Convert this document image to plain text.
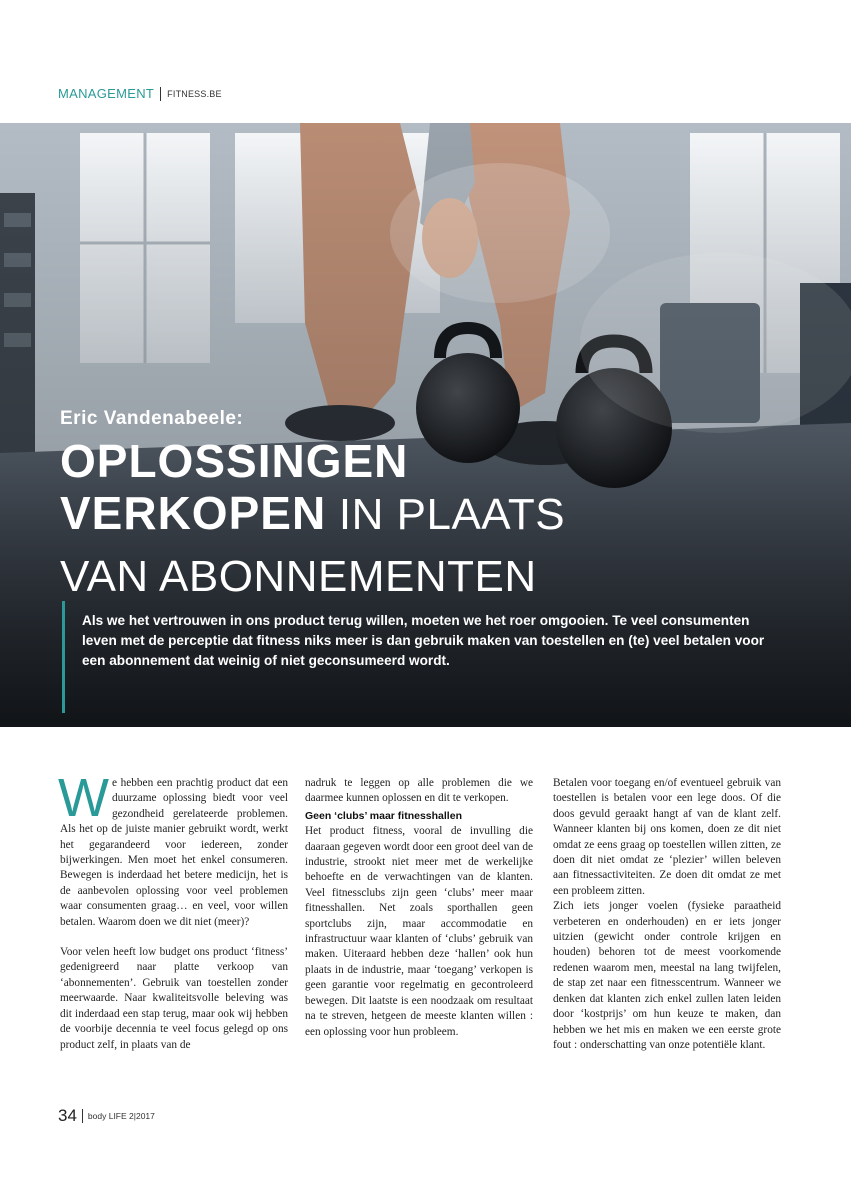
MANAGEMENT FITNESS.BE
Eric Vandenabeele:
OPLOSSINGEN
VERKOPEN IN PLAATS
VAN ABONNEMENTEN
Als we het vertrouwen in ons product terug willen, moeten we het roer omgooien. Te veel consumenten leven met de perceptie dat fitness niks meer is dan gebruik maken van toestellen en (te) veel betalen voor een abonnement dat weinig of niet geconsumeerd wordt.

We hebben een prachtig product dat een duurzame oplossing biedt voor veel gezondheid gerelateerde problemen. Als het op de juiste manier gebruikt wordt, werkt het gegarandeerd voor iedereen, zonder bijwerkingen. Men moet het enkel consumeren. Bewegen is inderdaad het betere medicijn, het is de aanbevolen oplossing voor veel problemen waar consumenten graag… en veel, voor willen betalen. Waarom doen we dit niet (meer)?

Voor velen heeft low budget ons product ‘fitness’ gedenigreerd naar platte verkoop van ‘abonnementen’. Gebruik van toestellen zonder meerwaarde. Naar kwaliteitsvolle beleving was dit inderdaad een stap terug, maar ook wij hebben de voorbije decennia te veel focus gelegd op ons product zelf, in plaats van de

nadruk te leggen op alle problemen die we daarmee kunnen oplossen en dit te verkopen.

Geen ‘clubs’ maar fitnesshallen

Het product fitness, vooral de invulling die daaraan gegeven wordt door een groot deel van de industrie, strookt niet meer met de werkelijke behoefte en de verwachtingen van de klanten. Veel fitnessclubs zijn geen ‘clubs’ meer maar fitnesshallen. Net zoals sporthallen geen sportclubs zijn, maar accommodatie en infrastructuur waar klanten of ‘clubs’ gebruik van maken. Uiteraard hebben deze ‘hallen’ ook hun plaats in de industrie, maar ‘toegang’ verkopen is geen garantie voor regelmatig en gecontroleerd bewegen. Dit laatste is een noodzaak om resultaat na te streven, hetgeen de meeste klanten willen : een oplossing voor hun probleem.

Betalen voor toegang en/of eventueel gebruik van toestellen is betalen voor een lege doos. Of die doos gevuld geraakt hangt af van de klant zelf. Wanneer klanten bij ons komen, doen ze dit niet omdat ze eens graag op toestellen willen zitten, ze doen dit niet omdat ze ‘plezier’ willen beleven aan fitnessactiviteiten. Ze doen dit omdat ze met een probleem zitten.

Zich iets jonger voelen (fysieke paraatheid verbeteren en onderhouden) en er iets jonger uitzien (gewicht onder controle krijgen en houden) behoren tot de meest voorkomende redenen waarom men, meestal na lang twijfelen, de stap zet naar een fitnesscentrum. Wanneer we denken dat klanten zich enkel zullen laten leiden door ‘kostprijs’ om hun keuze te maken, dan hebben we het mis en maken we een eerste grote fout : onderschatting van onze potentiële klant.

34 body LIFE 2|2017
